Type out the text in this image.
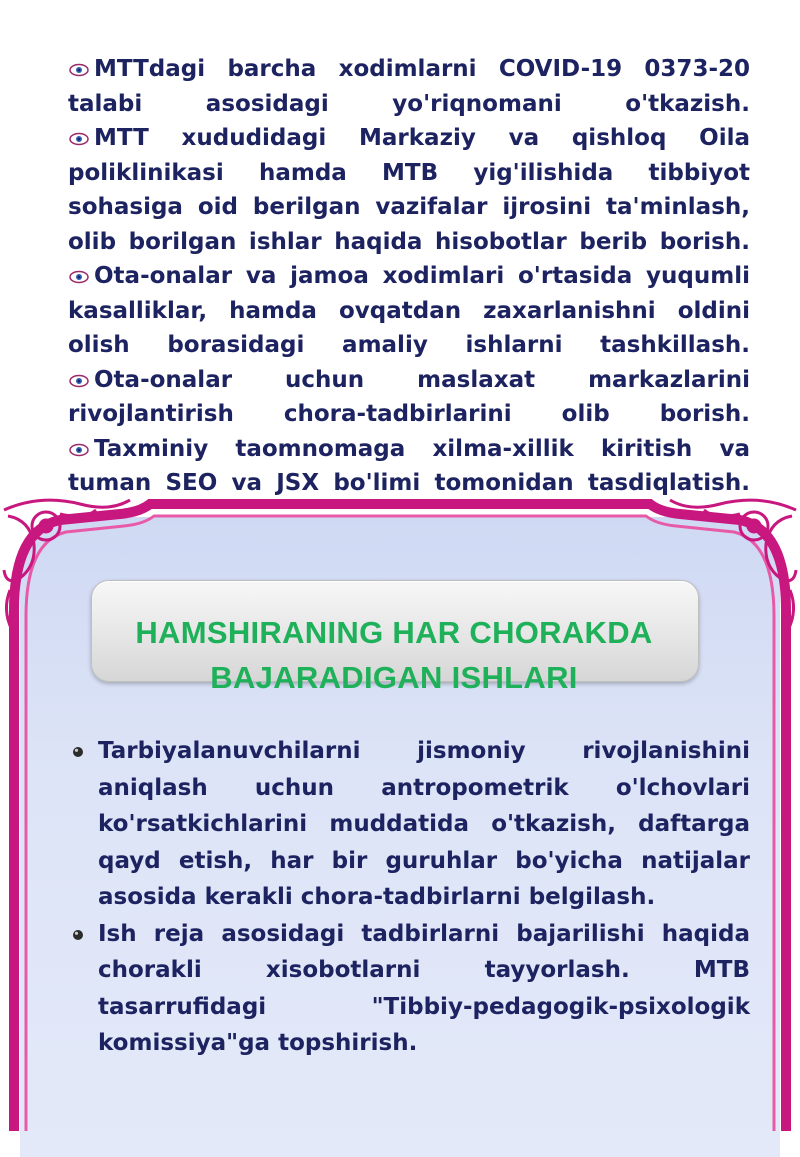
MTTdagi barcha xodimlarni COVID-19 0373-20 talabi asosidagi yo'riqnomani o'tkazish.
MTT xududidagi Markaziy va qishloq Oila poliklinikasi hamda MTB yig'ilishida tibbiyot sohasiga oid berilgan vazifalar ijrosini ta'minlash, olib borilgan ishlar haqida hisobotlar berib borish.
Ota-onalar va jamoa xodimlari o'rtasida yuqumli kasalliklar, hamda ovqatdan zaxarlanishni oldini olish borasidagi amaliy ishlarni tashkillash.
Ota-onalar uchun maslaxat markazlarini rivojlantirish chora-tadbirlarini olib borish.
Taxminiy taomnomaga xilma-xillik kiritish va tuman SEO va JSX bo'limi tomonidan tasdiqlatish.
HAMSHIRANING HAR CHORAKDA
BAJARADIGAN ISHLARI
Tarbiyalanuvchilarni jismoniy rivojlanishini aniqlash uchun antropometrik o'lchovlari ko'rsatkichlarini muddatida o'tkazish, daftarga qayd etish, har bir guruhlar bo'yicha natijalar asosida kerakli chora-tadbirlarni belgilash.
Ish reja asosidagi tadbirlarni bajarilishi haqida chorakli xisobotlarni tayyorlash. MTB tasarrufidagi "Tibbiy-pedagogik-psixologik komissiya"ga topshirish.
